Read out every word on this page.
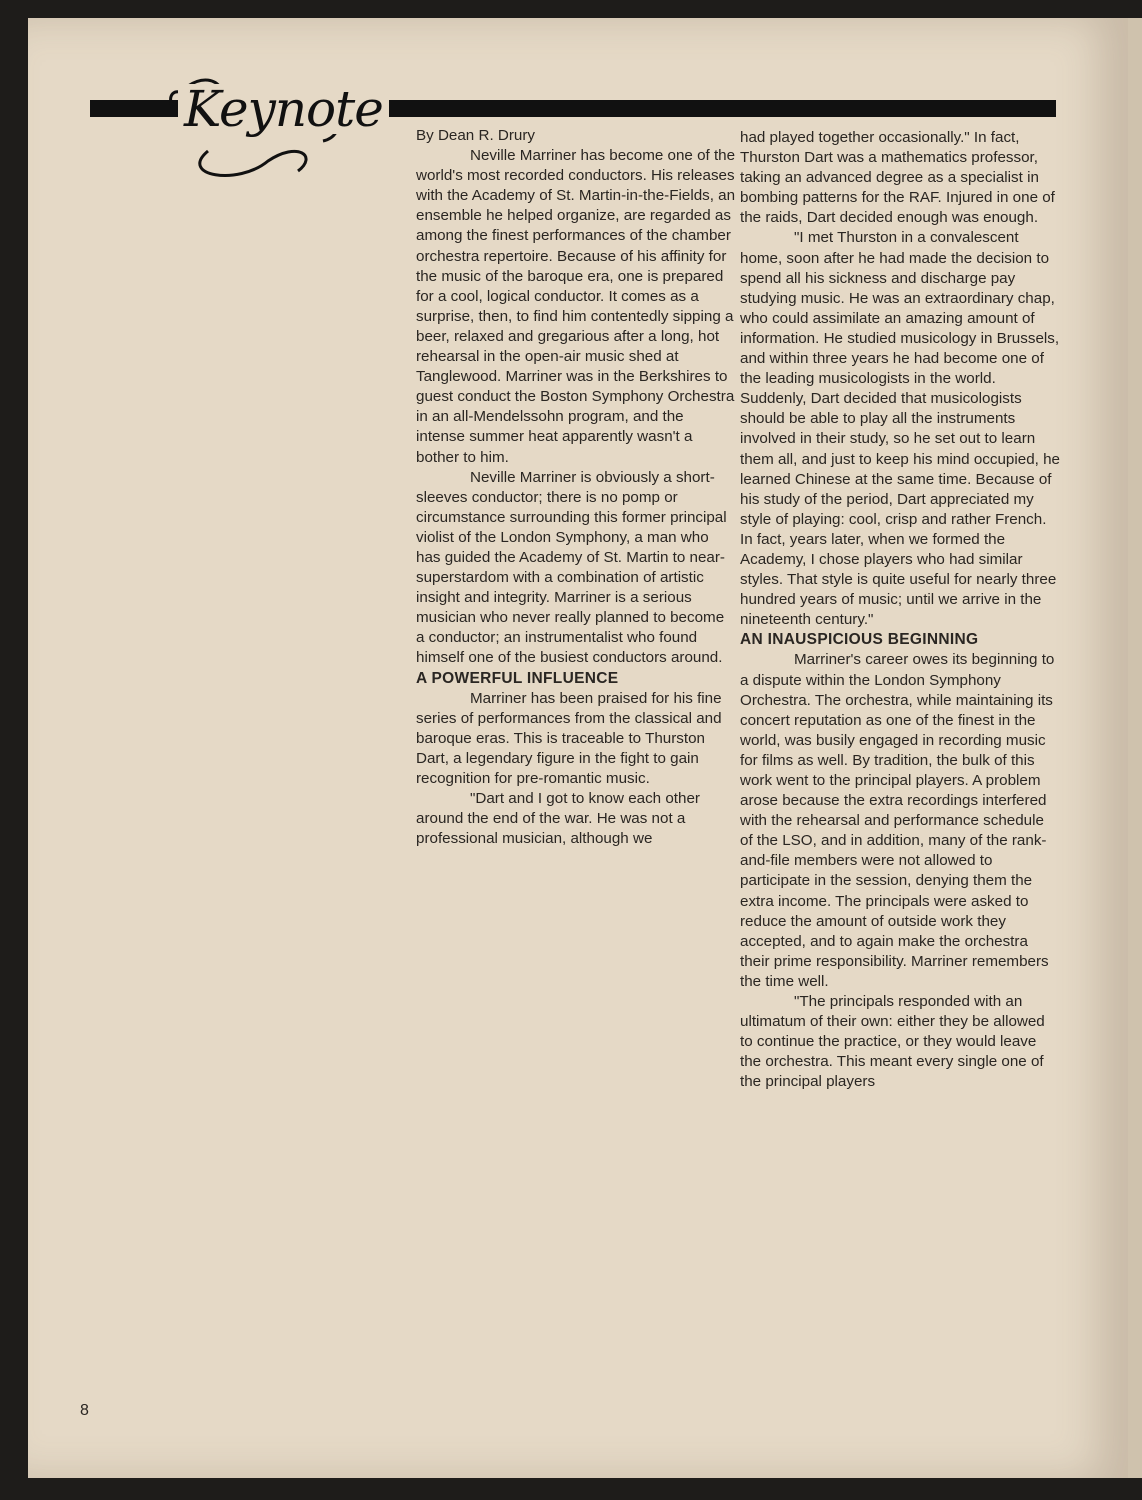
Keynote	By Dean R. Drury

Neville Marriner has become one of the world's most recorded conductors. His releases with the Academy of St. Martin-in-the-Fields, an ensemble he helped organize, are regarded as among the finest performances of the chamber orchestra repertoire. Because of his affinity for the music of the baroque era, one is prepared for a cool, logical conductor. It comes as a surprise, then, to find him contentedly sipping a beer, relaxed and gregarious after a long, hot rehearsal in the open-air music shed at Tanglewood. Marriner was in the Berkshires to guest conduct the Boston Symphony Orchestra in an all-Mendelssohn program, and the intense summer heat apparently wasn't a bother to him.

Neville Marriner is obviously a short-sleeves conductor; there is no pomp or circumstance surrounding this former principal violist of the London Symphony, a man who has guided the Academy of St. Martin to near-superstardom with a combination of artistic insight and integrity. Marriner is a serious musician who never really planned to become a conductor; an instrumentalist who found himself one of the busiest conductors around.

A POWERFUL INFLUENCE

Marriner has been praised for his fine series of performances from the classical and baroque eras. This is traceable to Thurston Dart, a legendary figure in the fight to gain recognition for pre-romantic music.

"Dart and I got to know each other around the end of the war. He was not a professional musician, although we

had played together occasionally." In fact, Thurston Dart was a mathematics professor, taking an advanced degree as a specialist in bombing patterns for the RAF. Injured in one of the raids, Dart decided enough was enough.

"I met Thurston in a convalescent home, soon after he had made the decision to spend all his sickness and discharge pay studying music. He was an extraordinary chap, who could assimilate an amazing amount of information. He studied musicology in Brussels, and within three years he had become one of the leading musicologists in the world. Suddenly, Dart decided that musicologists should be able to play all the instruments involved in their study, so he set out to learn them all, and just to keep his mind occupied, he learned Chinese at the same time. Because of his study of the period, Dart appreciated my style of playing: cool, crisp and rather French. In fact, years later, when we formed the Academy, I chose players who had similar styles. That style is quite useful for nearly three hundred years of music; until we arrive in the nineteenth century."

AN INAUSPICIOUS BEGINNING

Marriner's career owes its beginning to a dispute within the London Symphony Orchestra. The orchestra, while maintaining its concert reputation as one of the finest in the world, was busily engaged in recording music for films as well. By tradition, the bulk of this work went to the principal players. A problem arose because the extra recordings interfered with the rehearsal and performance schedule of the LSO, and in addition, many of the rank-and-file members were not allowed to participate in the session, denying them the extra income. The principals were asked to reduce the amount of outside work they accepted, and to again make the orchestra their prime responsibility. Marriner remembers the time well.

"The principals responded with an ultimatum of their own: either they be allowed to continue the practice, or they would leave the orchestra. This meant every single one of the principal players

8
